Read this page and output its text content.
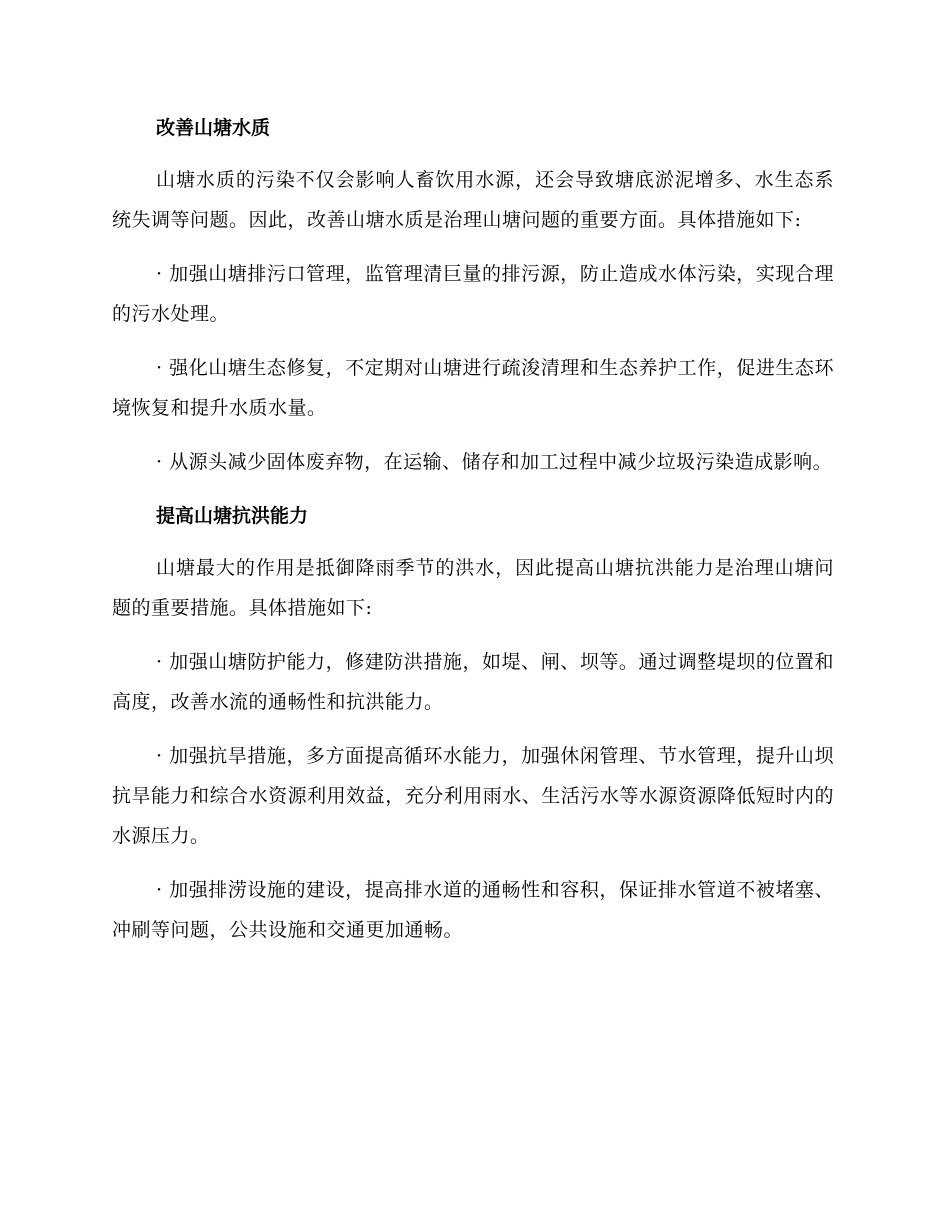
改善山塘水质

山塘水质的污染不仅会影响人畜饮用水源，还会导致塘底淤泥增多、水生态系统失调等问题。因此，改善山塘水质是治理山塘问题的重要方面。具体措施如下:

· 加强山塘排污口管理，监管理清巨量的排污源，防止造成水体污染，实现合理的污水处理。

· 强化山塘生态修复，不定期对山塘进行疏浚清理和生态养护工作，促进生态环境恢复和提升水质水量。

· 从源头减少固体废弃物，在运输、储存和加工过程中减少垃圾污染造成影响。

提高山塘抗洪能力

山塘最大的作用是抵御降雨季节的洪水，因此提高山塘抗洪能力是治理山塘问题的重要措施。具体措施如下:

· 加强山塘防护能力，修建防洪措施，如堤、闸、坝等。通过调整堤坝的位置和高度，改善水流的通畅性和抗洪能力。

· 加强抗旱措施，多方面提高循环水能力，加强休闲管理、节水管理，提升山坝抗旱能力和综合水资源利用效益，充分利用雨水、生活污水等水源资源降低短时内的水源压力。

· 加强排涝设施的建设，提高排水道的通畅性和容积，保证排水管道不被堵塞、冲刷等问题，公共设施和交通更加通畅。
